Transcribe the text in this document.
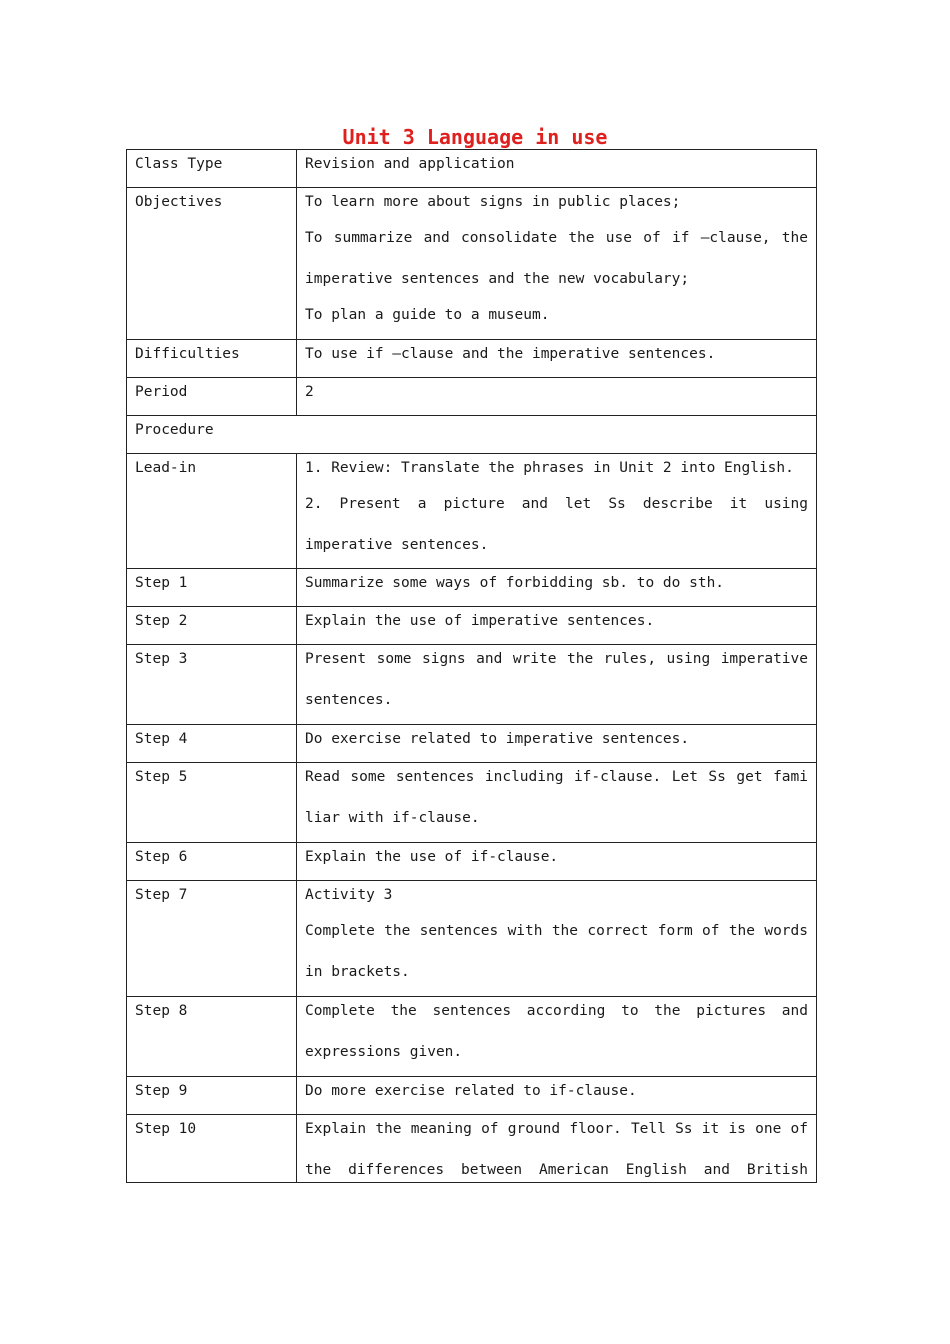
Unit 3 Language in use
Class Type	Revision and application

Objectives	To learn more about signs in public places;
To summarize and consolidate the use of if –clause, the
imperative sentences and the new vocabulary;
To plan a guide to a museum.

Difficulties	To use if –clause and the imperative sentences.

Period	2

Procedure	
Lead-in	1. Review: Translate the phrases in Unit 2 into English.
2. Present a picture and let Ss describe it using
imperative sentences.

Step 1	Summarize some ways of forbidding sb. to do sth.

Step 2	Explain the use of imperative sentences.

Step 3	Present some signs and write the rules, using imperative
sentences.

Step 4	Do exercise related to imperative sentences.

Step 5	Read some sentences including if-clause. Let Ss get fami
liar with if-clause.

Step 6	Explain the use of if-clause.

Step 7	Activity 3
Complete the sentences with the correct form of the words
in brackets.

Step 8	Complete the sentences according to the pictures and
expressions given.

Step 9	Do more exercise related to if-clause.

Step 10	Explain the meaning of ground floor. Tell Ss it is one of
the differences between American English and British
